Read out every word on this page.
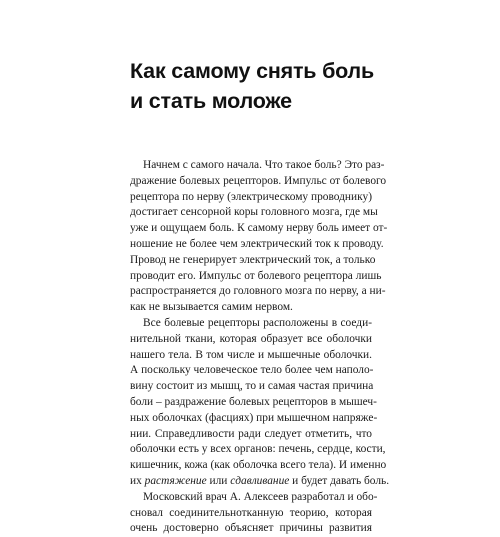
Как самому снять боль
и стать моложе
Начнем с самого начала. Что такое боль? Это раз-
дражение болевых рецепторов. Импульс от болевого
рецептора по нерву (электрическому проводнику)
достигает сенсорной коры головного мозга, где мы
уже и ощущаем боль. К самому нерву боль имеет от-
ношение не более чем электрический ток к проводу.
Провод не генерирует электрический ток, а только
проводит его. Импульс от болевого рецептора лишь
распространяется до головного мозга по нерву, а ни-
как не вызывается самим нервом.
Все болевые рецепторы расположены в соеди-
нительной ткани, которая образует все оболочки
нашего тела. В том числе и мышечные оболочки.
А поскольку человеческое тело более чем наполо-
вину состоит из мышц, то и самая частая причина
боли – раздражение болевых рецепторов в мышеч-
ных оболочках (фасциях) при мышечном напряже-
нии. Справедливости ради следует отметить, что
оболочки есть у всех органов: печень, сердце, кости,
кишечник, кожа (как оболочка всего тела). И именно
их растяжение или сдавливание и будет давать боль.
Московский врач А. Алексеев разработал и обо-
сновал соединительнотканную теорию, которая
очень достоверно объясняет причины развития
